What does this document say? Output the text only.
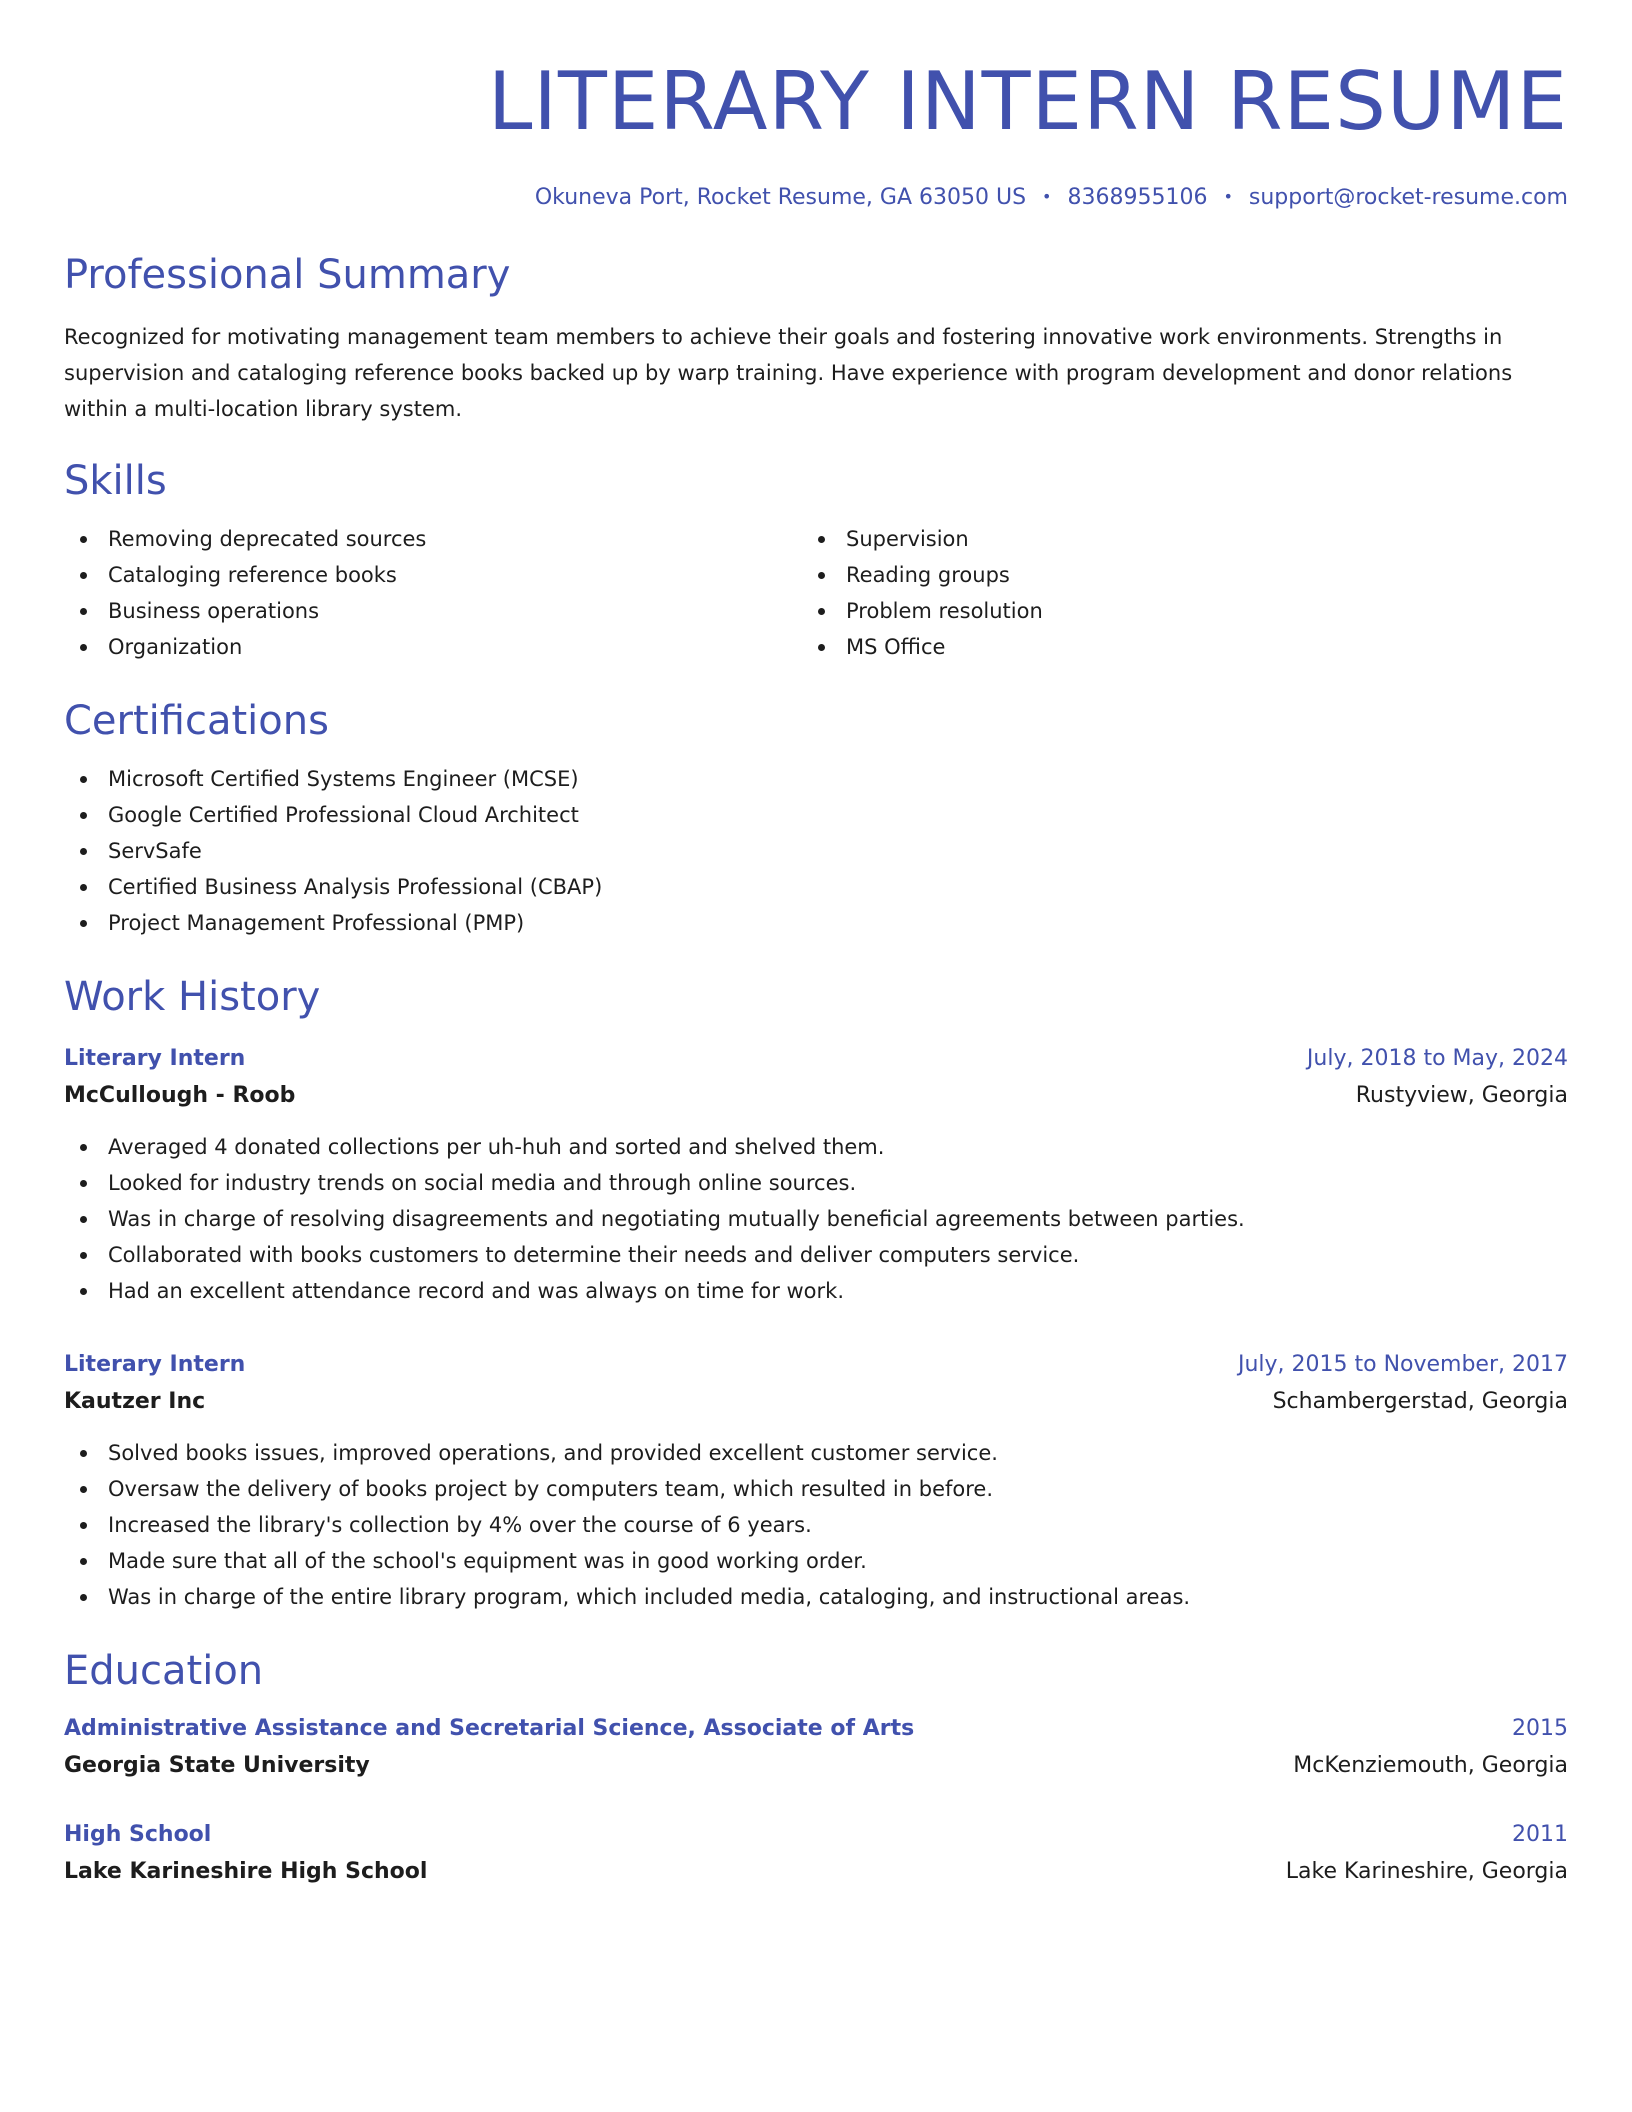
LITERARY INTERN RESUME
Okuneva Port, Rocket Resume, GA 63050 US • 8368955106 • support@rocket-resume.com
Professional Summary

Recognized for motivating management team members to achieve their goals and fostering innovative work environments. Strengths in supervision and cataloging reference books backed up by warp training. Have experience with program development and donor relations within a multi-location library system.

Skills
Removing deprecated sources
Cataloging reference books
Business operations
Organization
Supervision
Reading groups
Problem resolution
MS Office
Certifications
Microsoft Certified Systems Engineer (MCSE)
Google Certified Professional Cloud Architect
ServSafe
Certified Business Analysis Professional (CBAP)
Project Management Professional (PMP)
Work History
Literary Intern	July, 2018 to May, 2024
McCullough - Roob	Rustyview, Georgia
Averaged 4 donated collections per uh-huh and sorted and shelved them.
Looked for industry trends on social media and through online sources.
Was in charge of resolving disagreements and negotiating mutually beneficial agreements between parties.
Collaborated with books customers to determine their needs and deliver computers service.
Had an excellent attendance record and was always on time for work.
Literary Intern	July, 2015 to November, 2017
Kautzer Inc	Schambergerstad, Georgia
Solved books issues, improved operations, and provided excellent customer service.
Oversaw the delivery of books project by computers team, which resulted in before.
Increased the library's collection by 4% over the course of 6 years.
Made sure that all of the school's equipment was in good working order.
Was in charge of the entire library program, which included media, cataloging, and instructional areas.
Education
Administrative Assistance and Secretarial Science, Associate of Arts	2015
Georgia State University	McKenziemouth, Georgia
High School	2011
Lake Karineshire High School	Lake Karineshire, Georgia
